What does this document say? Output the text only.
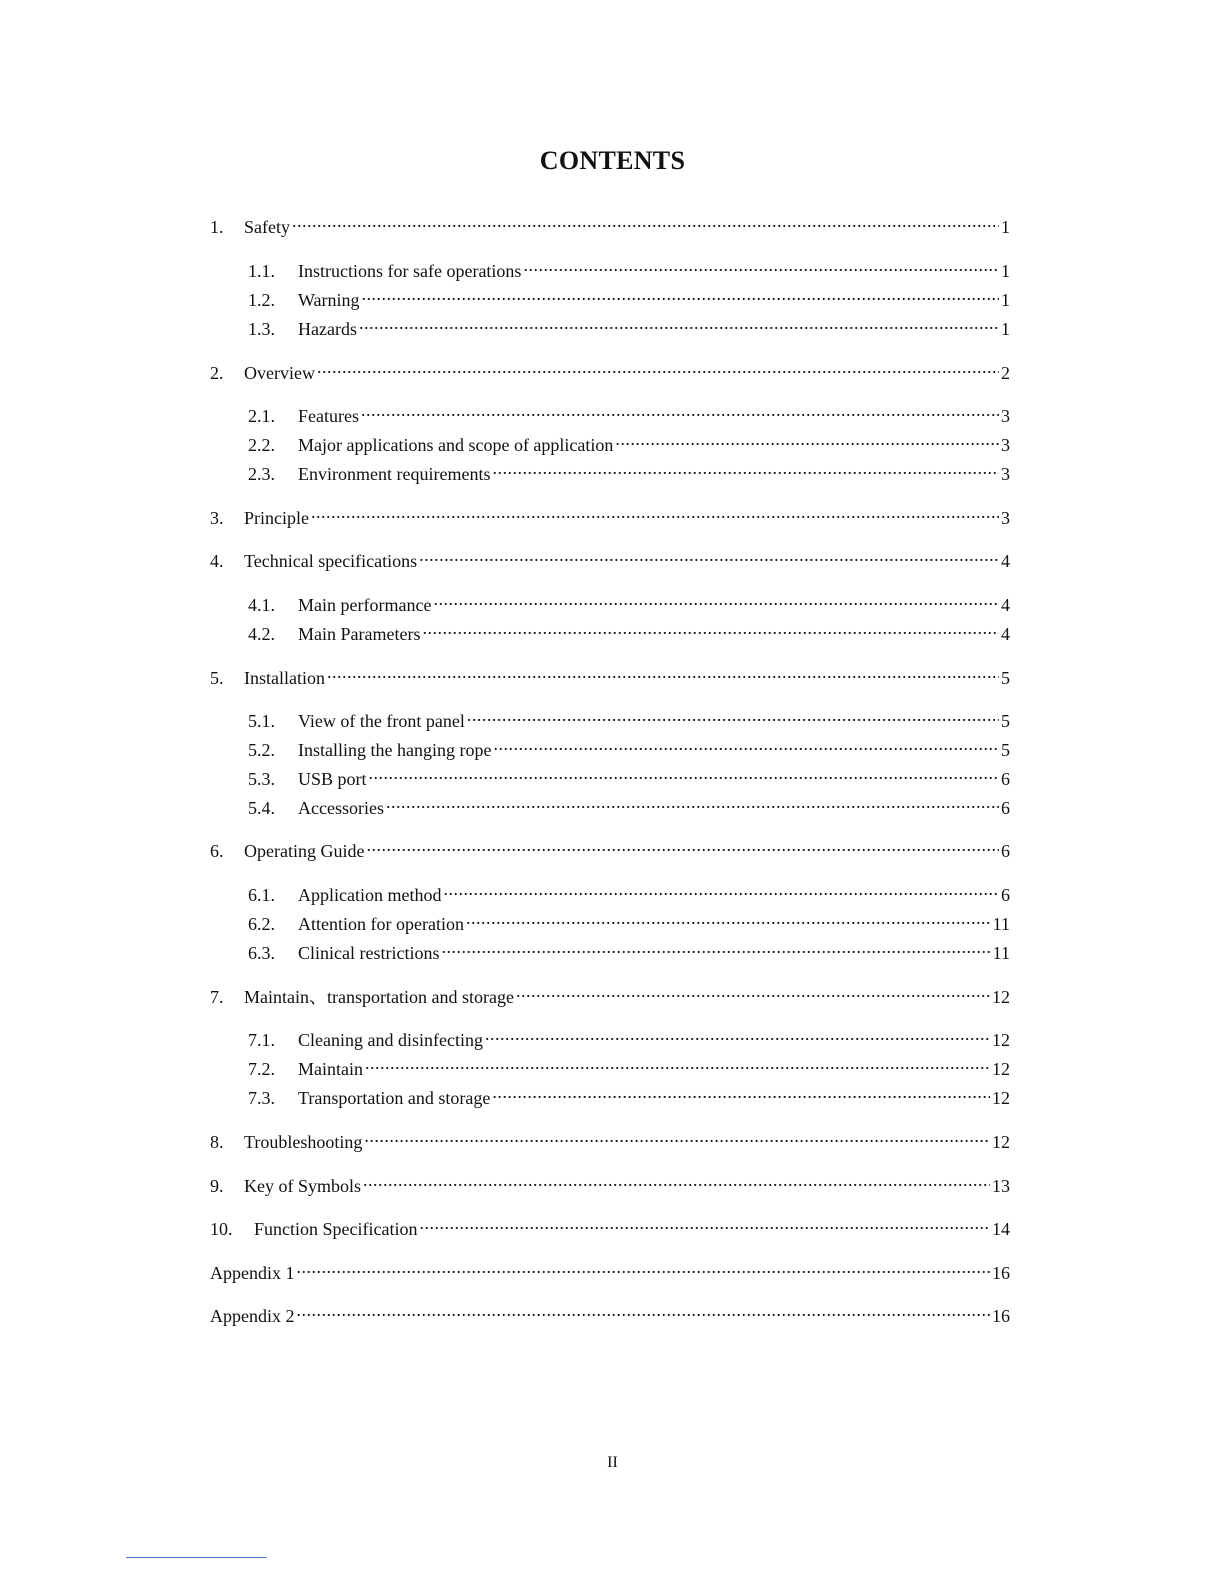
CONTENTS
1.	Safety .....	1
1.1.	Instructions for safe operations .....	1
1.2.	Warning .....	1
1.3.	Hazards .....	1
2.	Overview .....	2
2.1.	Features .....	3
2.2.	Major applications and scope of application .....	3
2.3.	Environment requirements .....	3
3.	Principle .....	3
4.	Technical specifications .....	4
4.1.	Main performance .....	4
4.2.	Main Parameters .....	4
5.	Installation .....	5
5.1.	View of the front panel .....	5
5.2.	Installing the hanging rope .....	5
5.3.	USB port .....	6
5.4.	Accessories .....	6
6.	Operating Guide .....	6
6.1.	Application method .....	6
6.2.	Attention for operation .....	11
6.3.	Clinical restrictions .....	11
7.	Maintain、transportation and storage .....	12
7.1.	Cleaning and disinfecting .....	12
7.2.	Maintain .....	12
7.3.	Transportation and storage .....	12
8.	Troubleshooting .....	12
9.	Key of Symbols .....	13
10.	Function Specification .....	14
Appendix 1 .....	16
Appendix 2 .....	16
II
